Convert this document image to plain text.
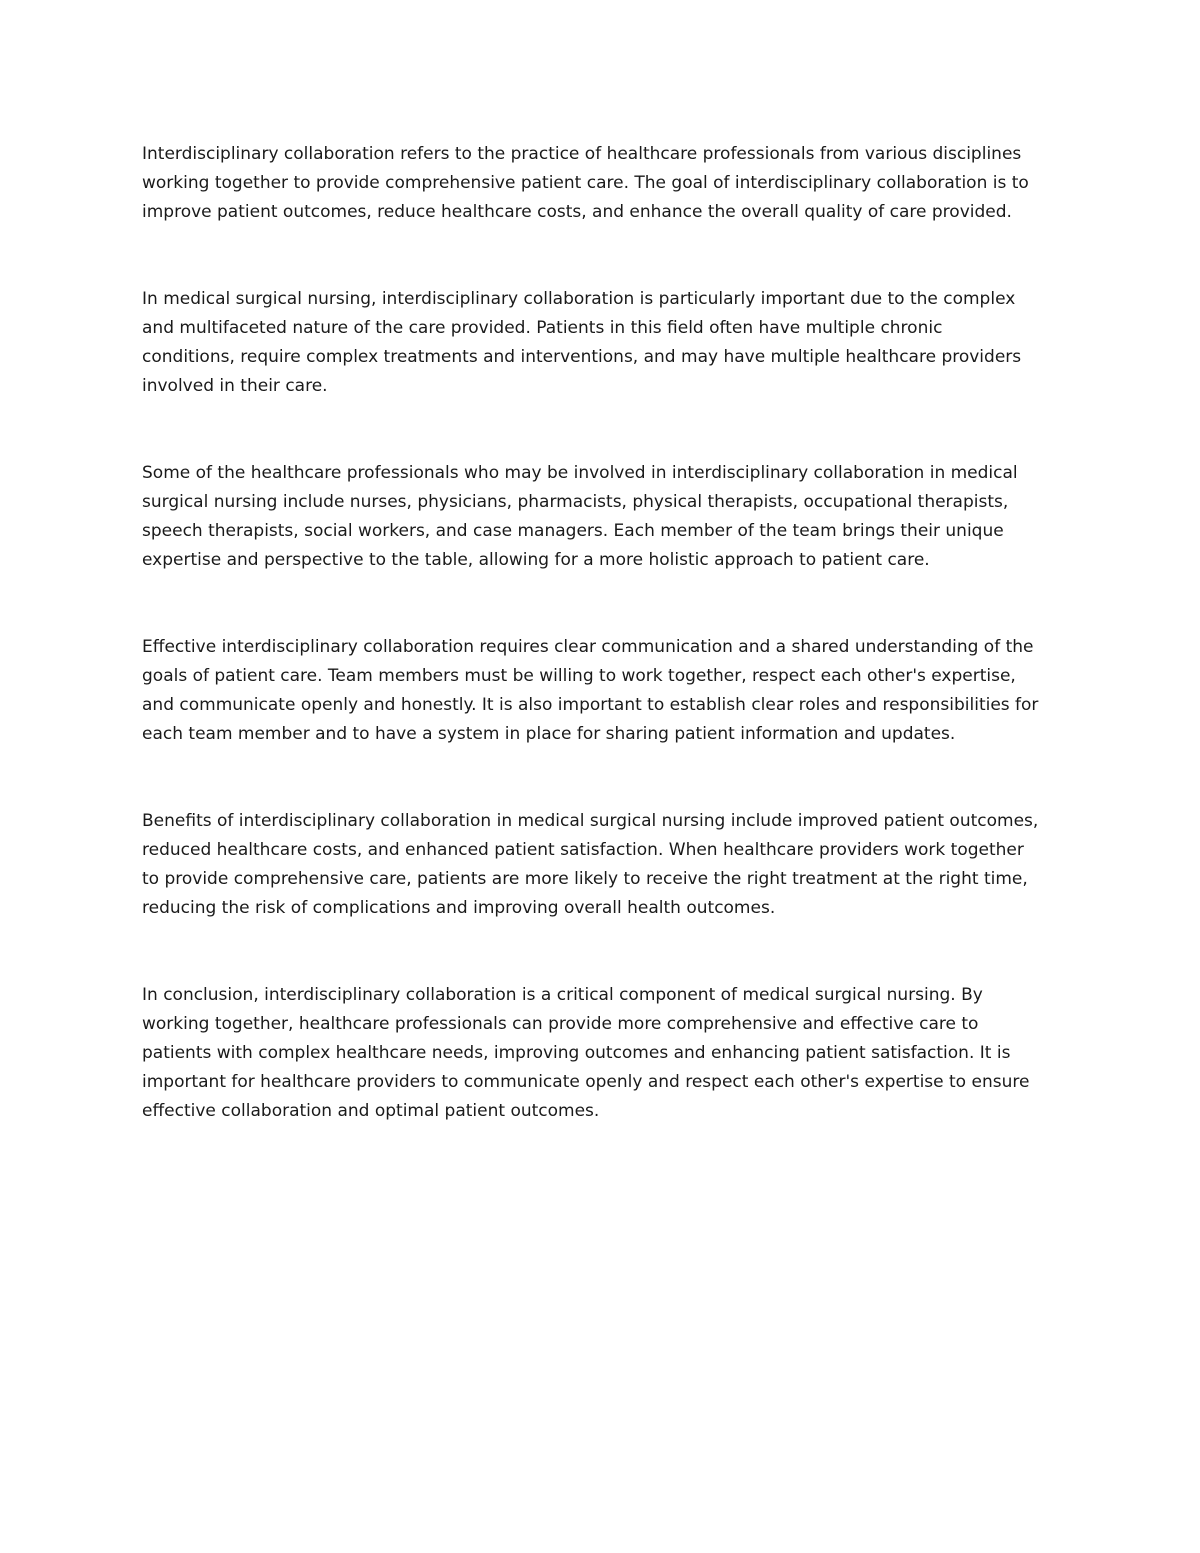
Interdisciplinary collaboration refers to the practice of healthcare professionals from various disciplines
working together to provide comprehensive patient care. The goal of interdisciplinary collaboration is to
improve patient outcomes, reduce healthcare costs, and enhance the overall quality of care provided.

In medical surgical nursing, interdisciplinary collaboration is particularly important due to the complex
and multifaceted nature of the care provided. Patients in this field often have multiple chronic
conditions, require complex treatments and interventions, and may have multiple healthcare providers
involved in their care.

Some of the healthcare professionals who may be involved in interdisciplinary collaboration in medical
surgical nursing include nurses, physicians, pharmacists, physical therapists, occupational therapists,
speech therapists, social workers, and case managers. Each member of the team brings their unique
expertise and perspective to the table, allowing for a more holistic approach to patient care.

Effective interdisciplinary collaboration requires clear communication and a shared understanding of the
goals of patient care. Team members must be willing to work together, respect each other's expertise,
and communicate openly and honestly. It is also important to establish clear roles and responsibilities for
each team member and to have a system in place for sharing patient information and updates.

Benefits of interdisciplinary collaboration in medical surgical nursing include improved patient outcomes,
reduced healthcare costs, and enhanced patient satisfaction. When healthcare providers work together
to provide comprehensive care, patients are more likely to receive the right treatment at the right time,
reducing the risk of complications and improving overall health outcomes.

In conclusion, interdisciplinary collaboration is a critical component of medical surgical nursing. By
working together, healthcare professionals can provide more comprehensive and effective care to
patients with complex healthcare needs, improving outcomes and enhancing patient satisfaction. It is
important for healthcare providers to communicate openly and respect each other's expertise to ensure
effective collaboration and optimal patient outcomes.
